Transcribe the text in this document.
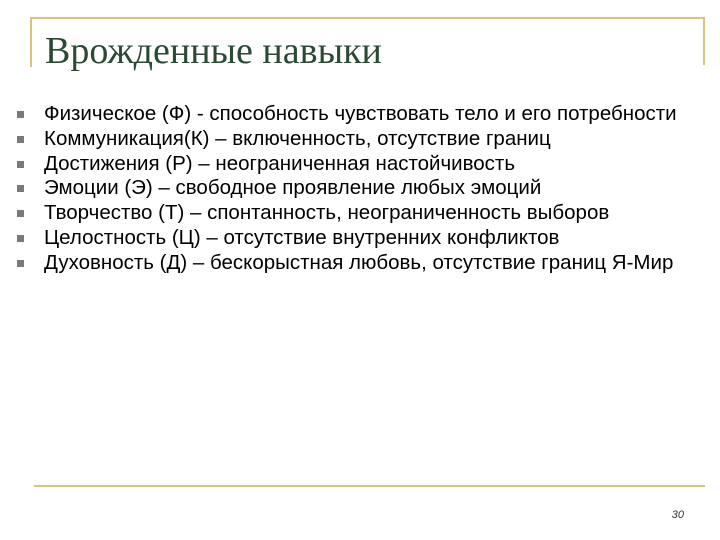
Врожденные навыки
Физическое (Ф) - способность чувствовать тело и его потребности
Коммуникация(К) – включенность, отсутствие границ
Достижения (Р) – неограниченная настойчивость
Эмоции (Э) – свободное проявление любых эмоций
Творчество (Т) – спонтанность, неограниченность выборов
Целостность (Ц) – отсутствие внутренних конфликтов
Духовность (Д) – бескорыстная любовь, отсутствие границ Я-Мир
30
